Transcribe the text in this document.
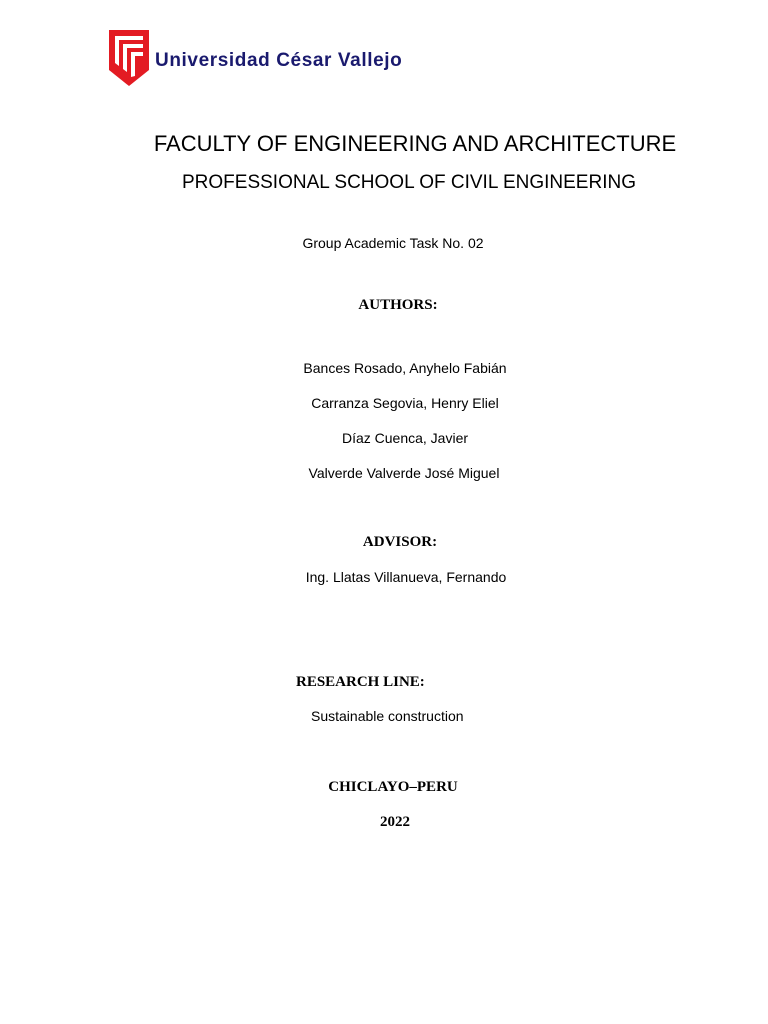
Universidad César Vallejo
FACULTY OF ENGINEERING AND ARCHITECTURE
PROFESSIONAL SCHOOL OF CIVIL ENGINEERING
Group Academic Task No. 02
AUTHORS:
Bances Rosado, Anyhelo Fabián
Carranza Segovia, Henry Eliel
Díaz Cuenca, Javier
Valverde Valverde José Miguel
ADVISOR:
Ing. Llatas Villanueva, Fernando
RESEARCH LINE:
Sustainable construction
CHICLAYO–PERU
2022
